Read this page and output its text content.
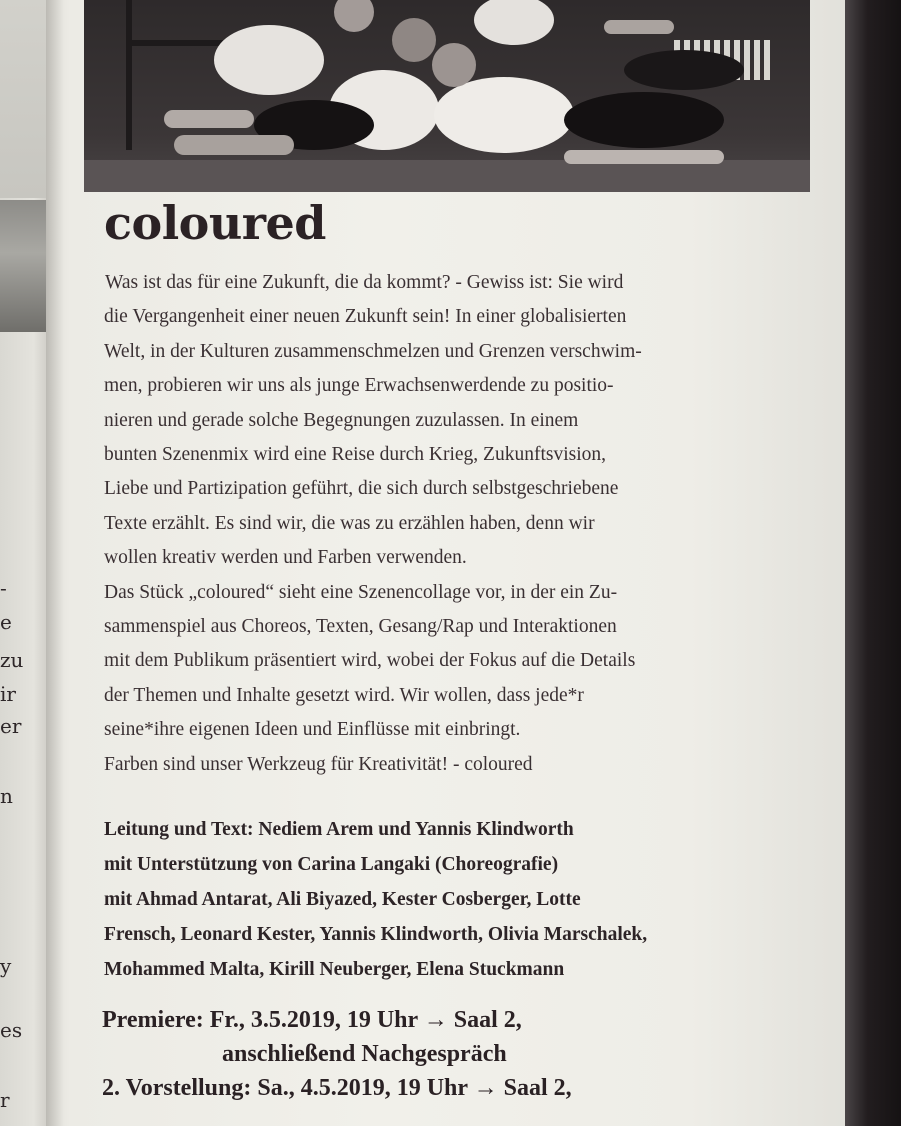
-
e
zu
ir
er
n
y
es
r
coloured
Was ist das für eine Zukunft, die da kommt? - Gewiss ist: Sie wird
die Vergangenheit einer neuen Zukunft sein! In einer globalisierten
Welt, in der Kulturen zusammenschmelzen und Grenzen verschwim-
men, probieren wir uns als junge Erwachsenwerdende zu positio-
nieren und gerade solche Begegnungen zuzulassen. In einem
bunten Szenenmix wird eine Reise durch Krieg, Zukunftsvision,
Liebe und Partizipation geführt, die sich durch selbstgeschriebene
Texte erzählt. Es sind wir, die was zu erzählen haben, denn wir
wollen kreativ werden und Farben verwenden.
Das Stück „coloured“ sieht eine Szenencollage vor, in der ein Zu-
sammenspiel aus Choreos, Texten, Gesang/Rap und Interaktionen
mit dem Publikum präsentiert wird, wobei der Fokus auf die Details
der Themen und Inhalte gesetzt wird. Wir wollen, dass jede*r
seine*ihre eigenen Ideen und Einflüsse mit einbringt.
Farben sind unser Werkzeug für Kreativität! - coloured
Leitung und Text: Nediem Arem und Yannis Klindworth
mit Unterstützung von Carina Langaki (Choreografie)
mit Ahmad Antarat, Ali Biyazed, Kester Cosberger, Lotte
Frensch, Leonard Kester, Yannis Klindworth, Olivia Marschalek,
Mohammed Malta, Kirill Neuberger, Elena Stuckmann
Premiere: Fr., 3.5.2019, 19 Uhr → Saal 2,
anschließend Nachgespräch
2. Vorstellung: Sa., 4.5.2019, 19 Uhr → Saal 2,
